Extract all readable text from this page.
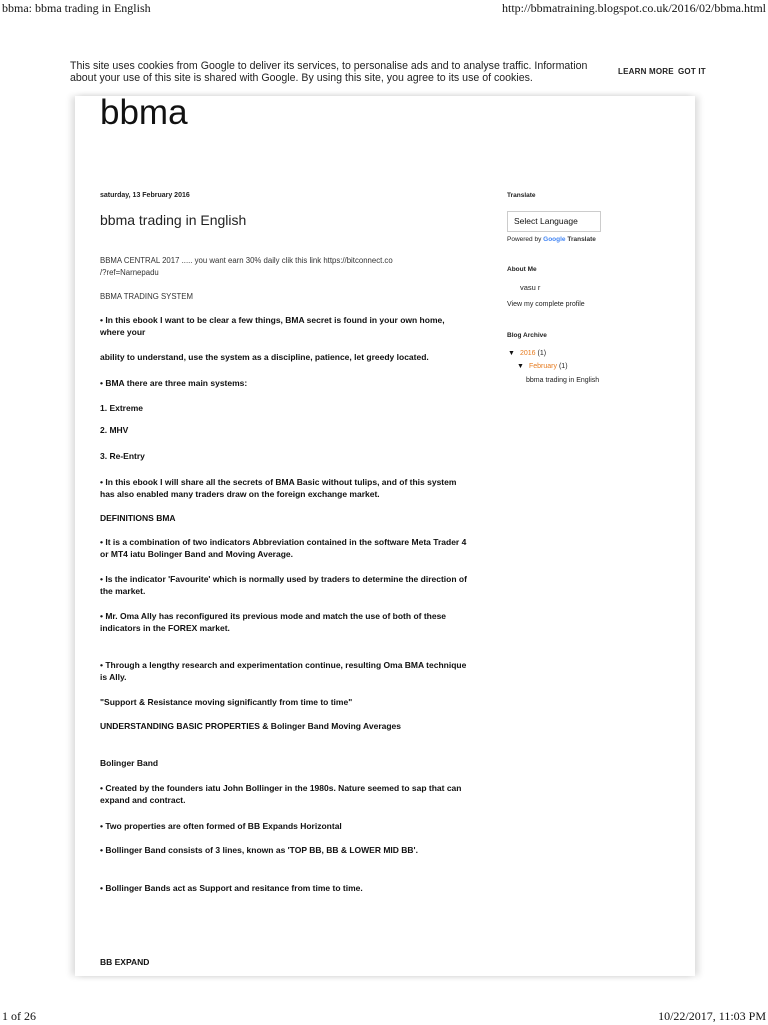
bbma: bbma trading in English	http://bbmatraining.blogspot.co.uk/2016/02/bbma.html
This site uses cookies from Google to deliver its services, to personalise ads and to analyse traffic. Information
about your use of this site is shared with Google. By using this site, you agree to its use of cookies.
LEARN MORE GOT IT
bbma
saturday, 13 February 2016
bbma trading in English
BBMA CENTRAL 2017 ..... you want earn 30% daily clik this link https://bitconnect.co
/?ref=Narnepadu
BBMA TRADING SYSTEM
• In this ebook I want to be clear a few things, BMA secret is found in your own home,
where your
ability to understand, use the system as a discipline, patience, let greedy located.
• BMA there are three main systems:
1. Extreme
2. MHV
3. Re-Entry
• In this ebook I will share all the secrets of BMA Basic without tulips, and of this system
has also enabled many traders draw on the foreign exchange market.
DEFINITIONS BMA
• It is a combination of two indicators Abbreviation contained in the software Meta Trader 4
or MT4 iatu Bolinger Band and Moving Average.
• Is the indicator 'Favourite' which is normally used by traders to determine the direction of
the market.
• Mr. Oma Ally has reconfigured its previous mode and match the use of both of these
indicators in the FOREX market.
• Through a lengthy research and experimentation continue, resulting Oma BMA technique
is Ally.
"Support & Resistance moving significantly from time to time"
UNDERSTANDING BASIC PROPERTIES & Bolinger Band Moving Averages
Bolinger Band
• Created by the founders iatu John Bollinger in the 1980s. Nature seemed to sap that can
expand and contract.
• Two properties are often formed of BB Expands Horizontal
• Bollinger Band consists of 3 lines, known as 'TOP BB, BB & LOWER MID BB'.
• Bollinger Bands act as Support and resitance from time to time.
BB EXPAND
Translate
Select Language
Powered by Google Translate
About Me
vasu r
View my complete profile
Blog Archive
▼ 2016 (1)
▼ February (1)
bbma trading in English
1 of 26	10/22/2017, 11:03 PM
